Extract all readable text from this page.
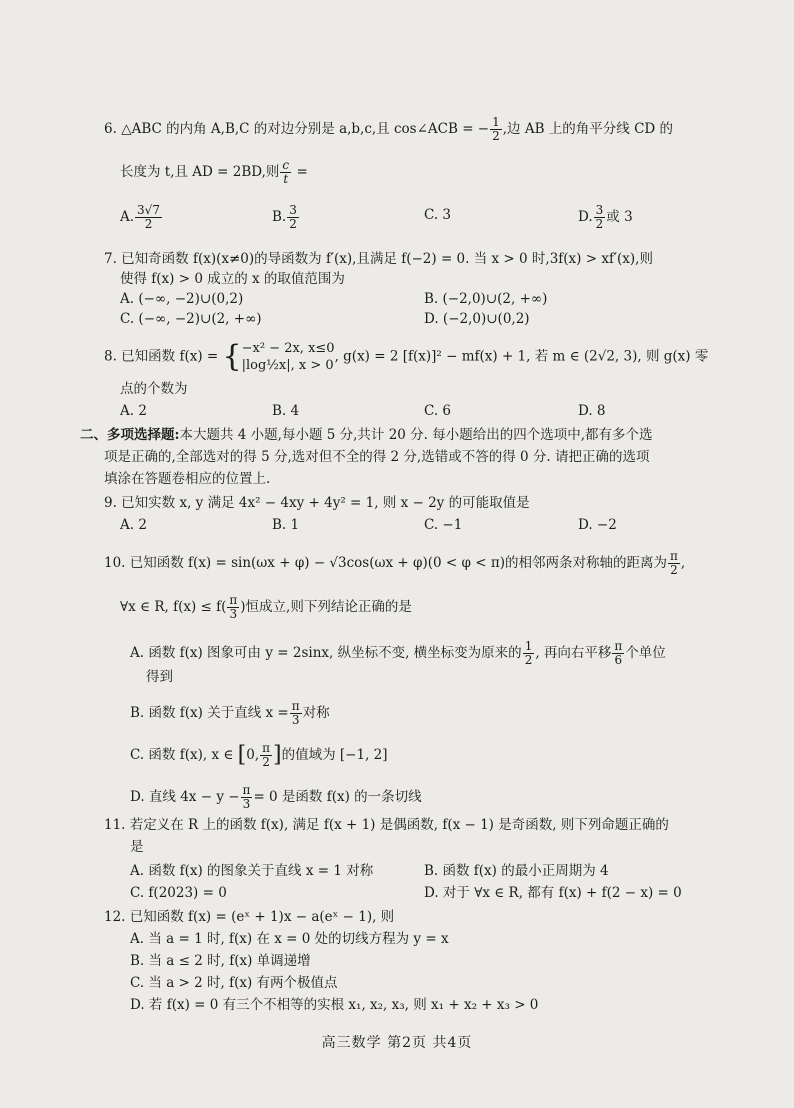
6. △ABC 的内角 A,B,C 的对边分别是 a,b,c,且 cos∠ACB = − $\frac{1}{2}$ ,边 AB 上的角平分线 CD 的
长度为 t,且 AD = 2BD,则 $\frac{c}{t}$ =
A. $\frac{3√7}{2}$	B. $\frac{3}{2}$	C. 3	D. $\frac{3}{2}$ 或 3
7. 已知奇函数 f(x)(x≠0)的导函数为 f′(x),且满足 f(−2) = 0. 当 x > 0 时,3f(x) > xf′(x),则
使得 f(x) > 0 成立的 x 的取值范围为
A. (−∞, −2)∪(0,2)	B. (−2,0)∪(2, +∞)
C. (−∞, −2)∪(2, +∞)	D. (−2,0)∪(0,2)
8. 已知函数 f(x) = { −x² − 2x, x≤0
|log½x|, x > 0
, g(x) = 2 [f(x)]² − mf(x) + 1, 若 m ∈ (2√2, 3), 则 g(x) 零
点的个数为
A. 2	B. 4	C. 6	D. 8
二、多项选择题:本大题共 4 小题,每小题 5 分,共计 20 分. 每小题给出的四个选项中,都有多个选
项是正确的,全部选对的得 5 分,选对但不全的得 2 分,选错或不答的得 0 分. 请把正确的选项
填涂在答题卷相应的位置上.
9. 已知实数 x, y 满足 4x² − 4xy + 4y² = 1, 则 x − 2y 的可能取值是
A. 2	B. 1	C. −1	D. −2
10. 已知函数 f(x) = sin(ωx + φ) − √3cos(ωx + φ)(0 < φ < π)的相邻两条对称轴的距离为 $\frac{\pi}{2}$ ,
∀x ∈ R, $f(x) \le f( \frac{\pi}{3}$ )恒成立,则下列结论正确的是
A. 函数 f(x) 图象可由 y = 2sinx, 纵坐标不变, 横坐标变为原来的 $\frac{1}{2}$ , 再向右平移 $\frac{\pi}{6}$ 个单位
得到
B. 函数 f(x) 关于直线 $x = \frac{\pi}{3}$ 对称
C. 函数 f(x), x ∈ [0, $\frac{\pi}{2}$ ]的值域为 [−1, 2]
D. 直线 $4x - y - \frac{\pi}{3} = 0$ 是函数 f(x) 的一条切线
11. 若定义在 R 上的函数 f(x), 满足 f(x + 1) 是偶函数, f(x − 1) 是奇函数, 则下列命题正确的
是
A. 函数 f(x) 的图象关于直线 x = 1 对称	B. 函数 f(x) 的最小正周期为 4
C. f(2023) = 0	D. 对于 ∀x ∈ R, 都有 f(x) + f(2 − x) = 0
12. 已知函数 f(x) = (eˣ + 1)x − a(eˣ − 1), 则
A. 当 a = 1 时, f(x) 在 x = 0 处的切线方程为 y = x
B. 当 a ≤ 2 时, f(x) 单调递增
C. 当 a > 2 时, f(x) 有两个极值点
D. 若 f(x) = 0 有三个不相等的实根 x₁, x₂, x₃, 则 x₁ + x₂ + x₃ > 0
高三数学 第2页 共4页
